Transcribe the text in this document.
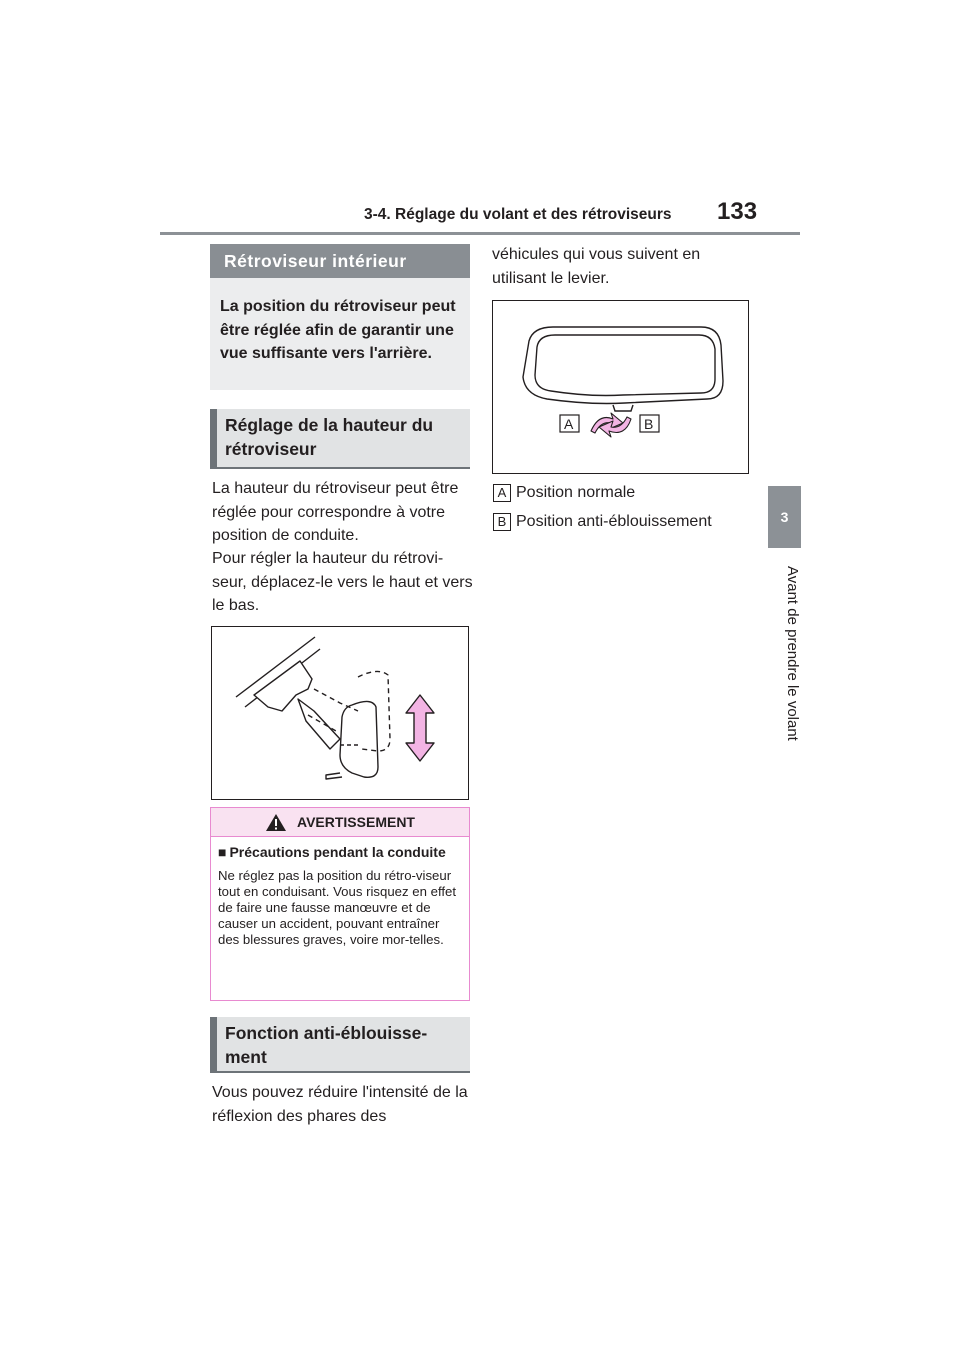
3-4. Réglage du volant et des rétroviseurs 133
3
Avant de prendre le volant
Rétroviseur intérieur
La position du rétroviseur peut être réglée afin de garantir une vue suffisante vers l'arrière.
Réglage de la hauteur du rétroviseur
La hauteur du rétroviseur peut être réglée pour correspondre à votre position de conduite.
Pour régler la hauteur du rétrovi-seur, déplacez-le vers le haut et vers le bas.
AVERTISSEMENT
■ Précautions pendant la conduite
Ne réglez pas la position du rétro-viseur tout en conduisant. Vous risquez en effet de faire une fausse manœuvre et de causer un accident, pouvant entraîner des blessures graves, voire mor-telles.
Fonction anti-éblouisse-ment
Vous pouvez réduire l'intensité de la réflexion des phares des
véhicules qui vous suivent en utilisant le levier.
A	B
A Position normale
B Position anti-éblouissement
